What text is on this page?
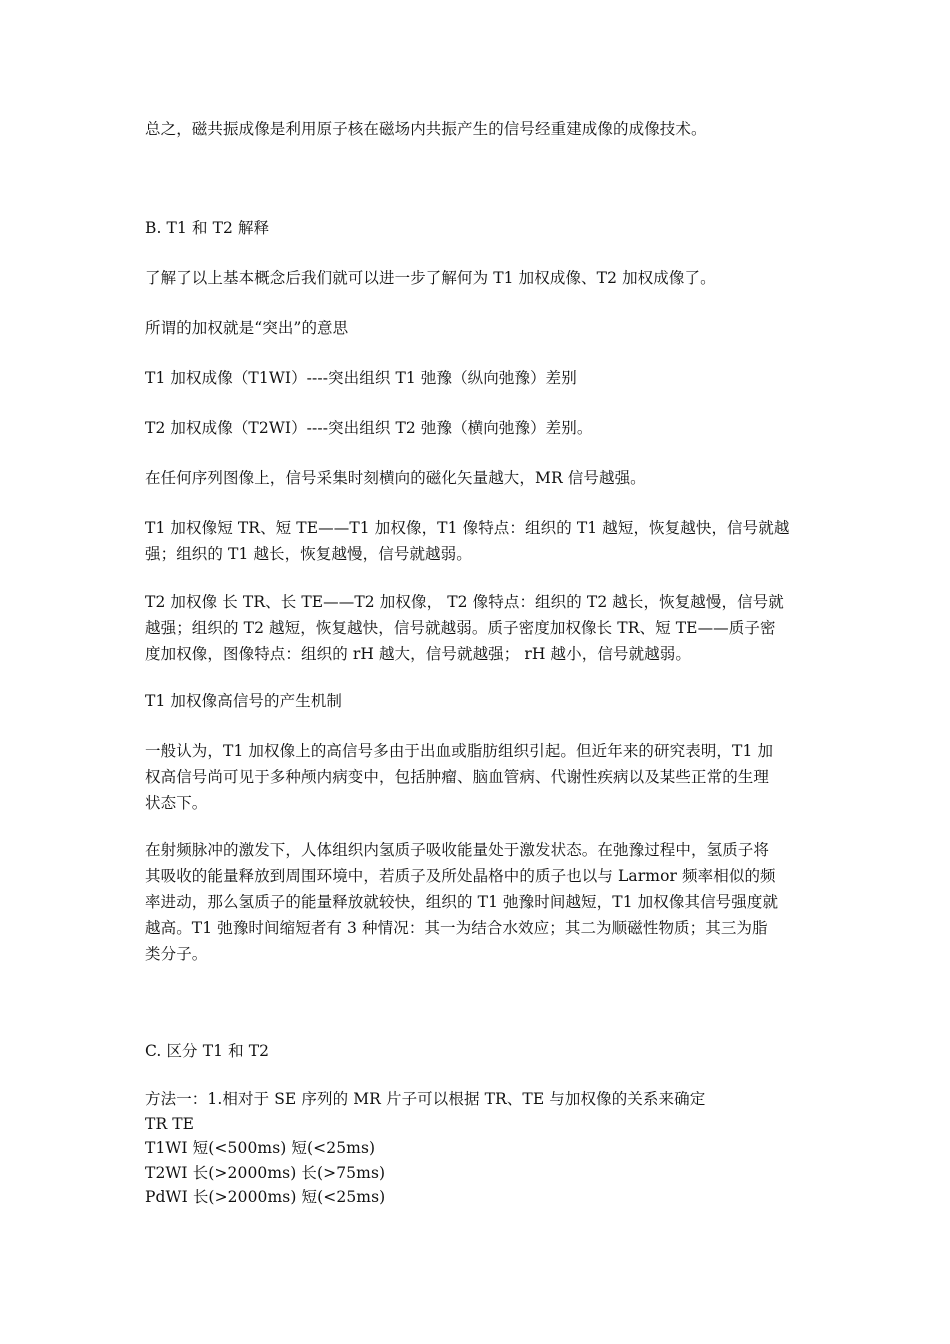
总之，磁共振成像是利用原子核在磁场内共振产生的信号经重建成像的成像技术。

B. T1 和 T2 解释

了解了以上基本概念后我们就可以进一步了解何为 T1 加权成像、T2 加权成像了。

所谓的加权就是“突出”的意思

T1 加权成像（T1WI）----突出组织 T1 弛豫（纵向弛豫）差别

T2 加权成像（T2WI）----突出组织 T2 弛豫（横向弛豫）差别。

在任何序列图像上，信号采集时刻横向的磁化矢量越大，MR 信号越强。

T1 加权像短 TR、短 TE——T1 加权像，T1 像特点：组织的 T1 越短，恢复越快，信号就越
强；组织的 T1 越长，恢复越慢，信号就越弱。

T2 加权像 长 TR、长 TE——T2 加权像， T2 像特点：组织的 T2 越长，恢复越慢，信号就
越强；组织的 T2 越短，恢复越快，信号就越弱。质子密度加权像长 TR、短 TE——质子密
度加权像，图像特点：组织的 rH 越大，信号就越强； rH 越小，信号就越弱。

T1 加权像高信号的产生机制

一般认为，T1 加权像上的高信号多由于出血或脂肪组织引起。但近年来的研究表明，T1 加
权高信号尚可见于多种颅内病变中，包括肿瘤、脑血管病、代谢性疾病以及某些正常的生理
状态下。

在射频脉冲的激发下，人体组织内氢质子吸收能量处于激发状态。在弛豫过程中，氢质子将
其吸收的能量释放到周围环境中，若质子及所处晶格中的质子也以与 Larmor 频率相似的频
率进动，那么氢质子的能量释放就较快，组织的 T1 弛豫时间越短，T1 加权像其信号强度就
越高。T1 弛豫时间缩短者有 3 种情况：其一为结合水效应；其二为顺磁性物质；其三为脂
类分子。

C. 区分 T1 和 T2

方法一：1.相对于 SE 序列的 MR 片子可以根据 TR、TE 与加权像的关系来确定
TR TE
T1WI 短(<500ms) 短(<25ms)
T2WI 长(>2000ms) 长(>75ms)
PdWI 长(>2000ms) 短(<25ms)
